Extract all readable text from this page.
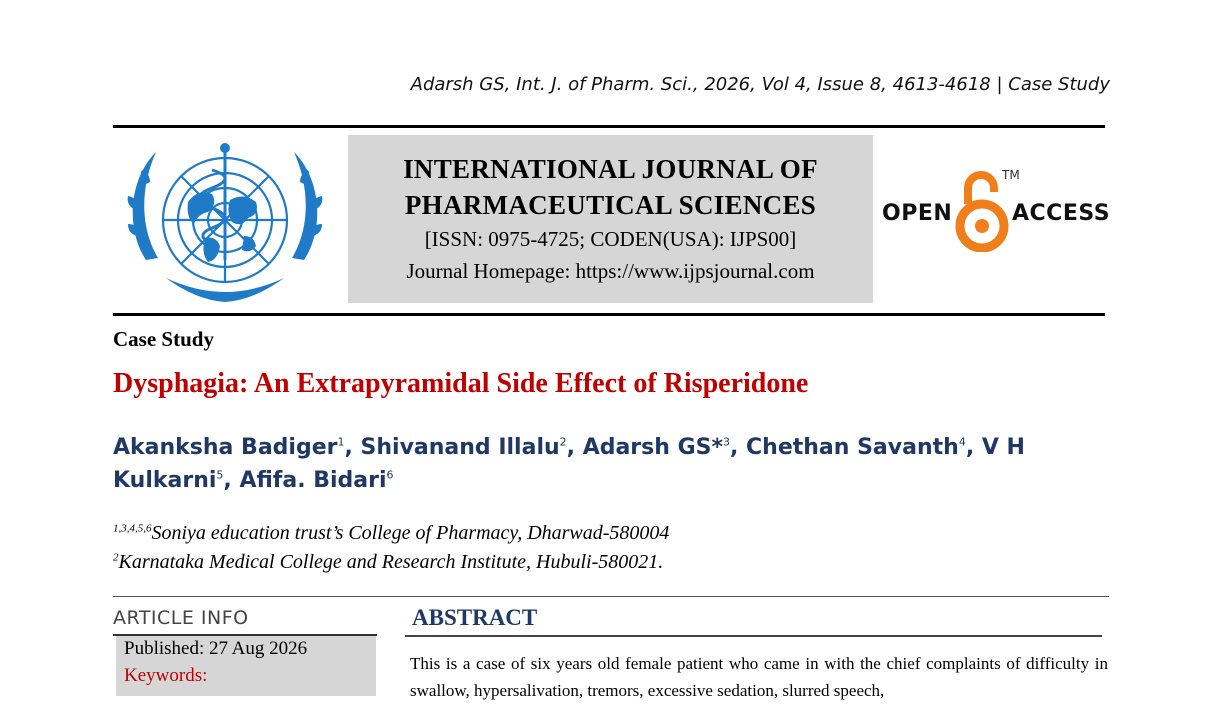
Adarsh GS, Int. J. of Pharm. Sci., 2026, Vol 4, Issue 8, 4613-4618 | Case Study
INTERNATIONAL JOURNAL OF
PHARMACEUTICAL SCIENCES
[ISSN: 0975-4725; CODEN(USA): IJPS00]
Journal Homepage: https://www.ijpsjournal.com
OPEN
TM
ACCESS
Case Study
Dysphagia: An Extrapyramidal Side Effect of Risperidone
Akanksha Badiger$^1$, Shivanand Illalu$^2$, Adarsh GS*$^3$, Chethan Savanth$^4$, V H Kulkarni$^5$, Afifa. Bidari$^6$
$^{1,3,4,5,6}$Soniya education trust’s College of Pharmacy, Dharwad-580004
$^2$Karnataka Medical College and Research Institute, Hubuli-580021.
ARTICLE INFO
Published: 27 Aug 2026
Keywords:
ABSTRACT
This is a case of six years old female patient who came in with the chief complaints of difficulty in swallow, hypersalivation, tremors, excessive sedation, slurred speech,
